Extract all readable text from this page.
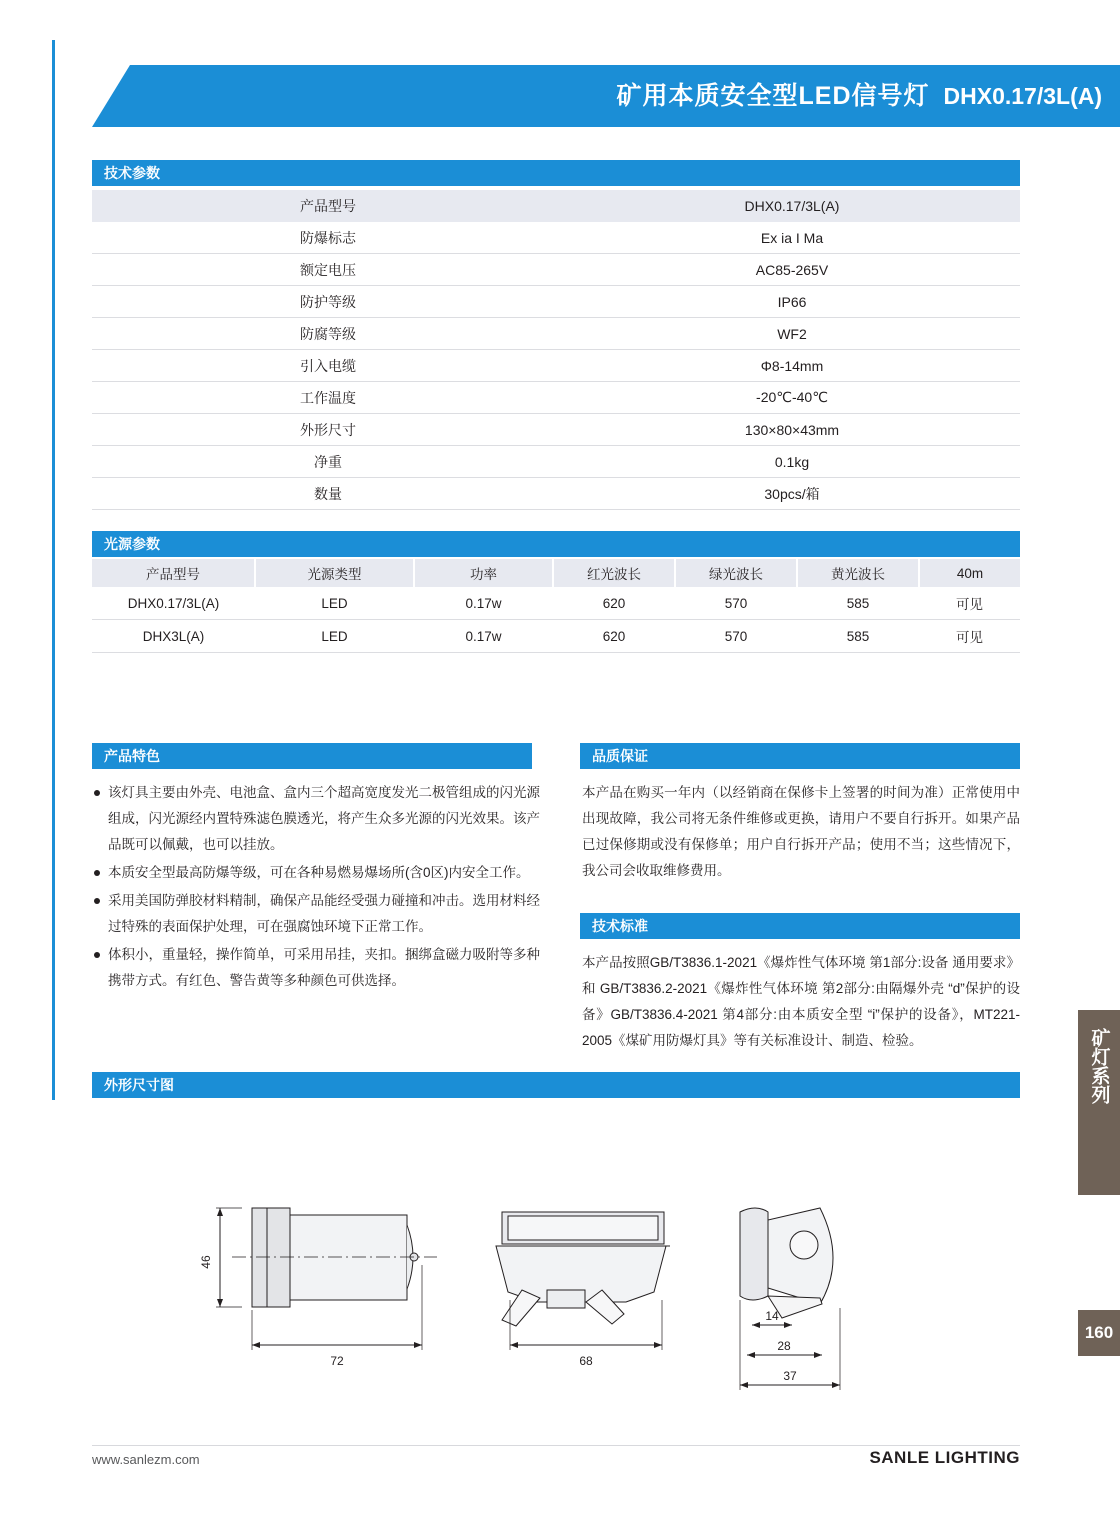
矿用本质安全型LED信号灯 DHX0.17/3L(A)
技术参数
产品型号	DHX0.17/3L(A)
防爆标志	Ex ia I Ma
额定电压	AC85-265V
防护等级	IP66
防腐等级	WF2
引入电缆	Φ8-14mm
工作温度	-20℃-40℃
外形尺寸	130×80×43mm
净重	0.1kg
数量	30pcs/箱
光源参数
产品型号	光源类型	功率	红光波长	绿光波长	黄光波长	40m
DHX0.17/3L(A)	LED	0.17w	620	570	585	可见
DHX3L(A)	LED	0.17w	620	570	585	可见
产品特色
该灯具主要由外壳、电池盒、盒内三个超高宽度发光二极管组成的闪光源组成，闪光源经内置特殊滤色膜透光，将产生众多光源的闪光效果。该产品既可以佩戴，也可以挂放。
本质安全型最高防爆等级，可在各种易燃易爆场所(含0区)内安全工作。
采用美国防弹胶材料精制，确保产品能经受强力碰撞和冲击。选用材料经过特殊的表面保护处理，可在强腐蚀环境下正常工作。
体积小，重量轻，操作简单，可采用吊挂，夹扣。捆绑盒磁力吸附等多种携带方式。有红色、警告黄等多种颜色可供选择。
品质保证
本产品在购买一年内（以经销商在保修卡上签署的时间为准）正常使用中出现故障，我公司将无条件维修或更换，请用户不要自行拆开。如果产品已过保修期或没有保修单；用户自行拆开产品；使用不当；这些情况下，我公司会收取维修费用。
技术标准
本产品按照GB/T3836.1-2021《爆炸性气体环境 第1部分:设备 通用要求》和 GB/T3836.2-2021《爆炸性气体环境 第2部分:由隔爆外壳 “d”保护的设备》GB/T3836.4-2021 第4部分:由本质安全型 “i”保护的设备》，MT221-2005《煤矿用防爆灯具》等有关标准设计、制造、检验。
外形尺寸图
46
72	68
14
28
37
矿灯系列
160
www.sanlezm.com	SANLE LIGHTING
